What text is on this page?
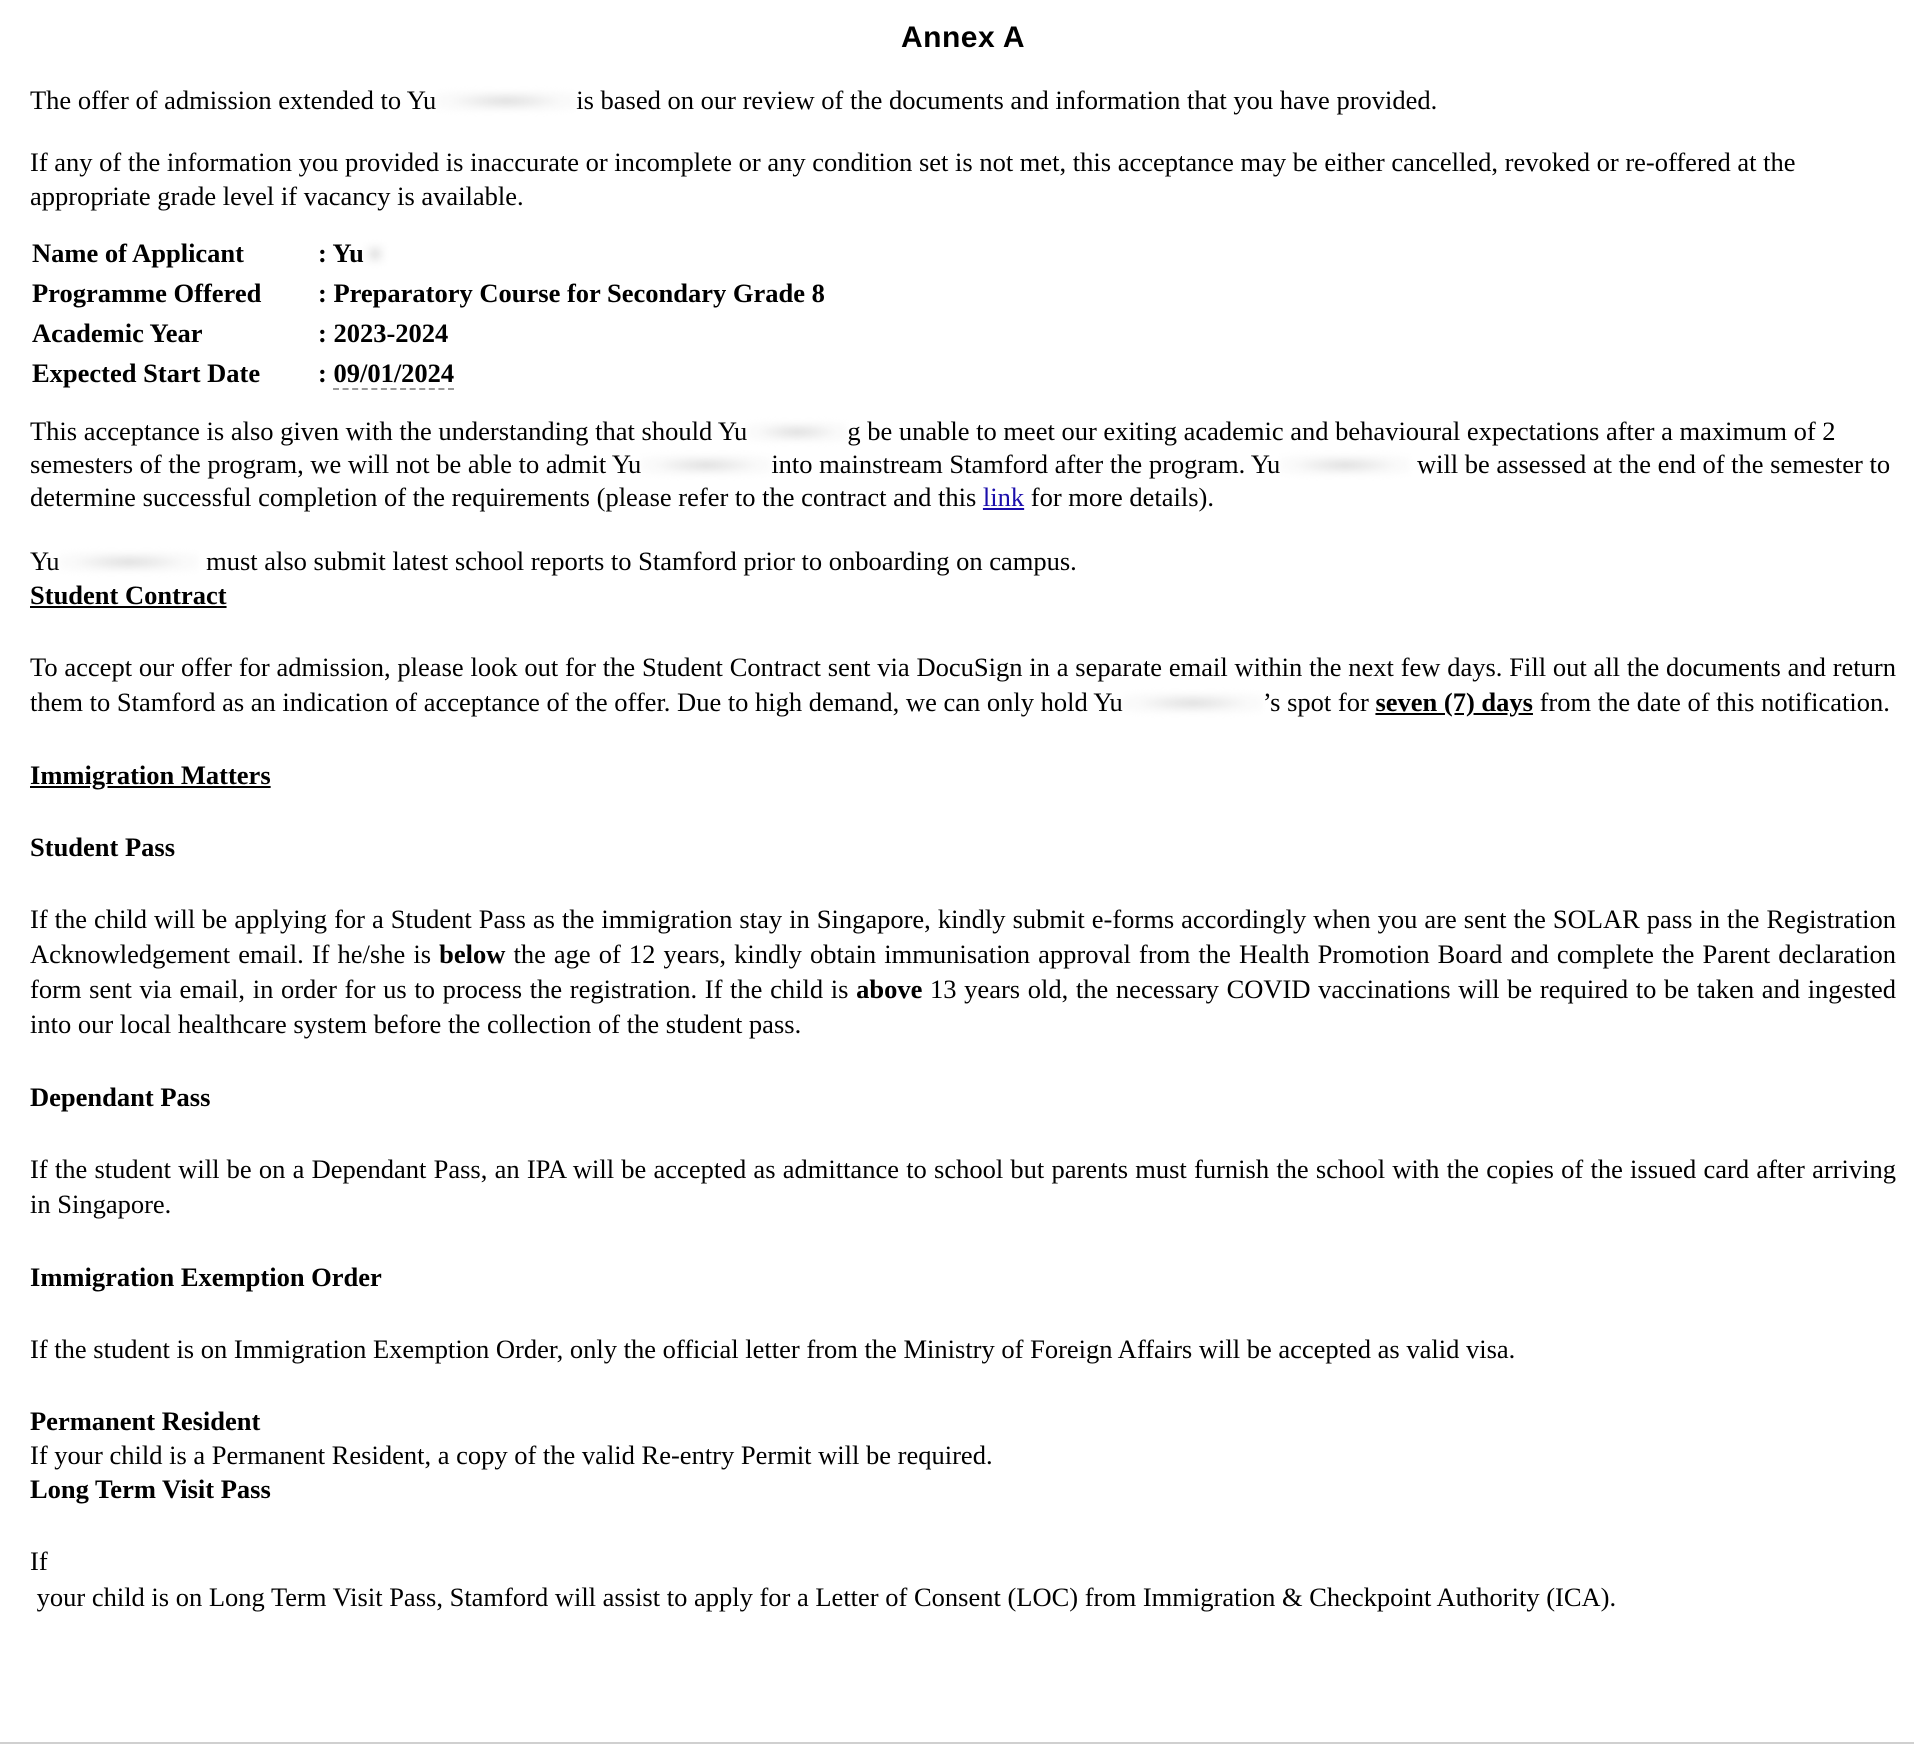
Annex A

The offer of admission extended to Yu	is based on our review of the documents and information that you have provided.

If any of the information you provided is inaccurate or incomplete or any condition set is not met, this acceptance may be either cancelled, revoked or re-offered at the appropriate grade level if vacancy is available.

Name of Applicant	: Yu
Programme Offered	: Preparatory Course for Secondary Grade 8
Academic Year	: 2023-2024
Expected Start Date	: 09/01/2024

This acceptance is also given with the understanding that should Yu	g be unable to meet our exiting academic and behavioural expectations after a maximum of 2 semesters of the program, we will not be able to admit Yu	into mainstream Stamford after the program. Yu	will be assessed at the end of the semester to determine successful completion of the requirements (please refer to the contract and this link for more details).

Yu	must also submit latest school reports to Stamford prior to onboarding on campus.

Student Contract

To accept our offer for admission, please look out for the Student Contract sent via DocuSign in a separate email within the next few days. Fill out all the documents and return them to Stamford as an indication of acceptance of the offer. Due to high demand, we can only hold Yu	’s spot for seven (7) days from the date of this notification.

Immigration Matters

Student Pass

If the child will be applying for a Student Pass as the immigration stay in Singapore, kindly submit e-forms accordingly when you are sent the SOLAR pass in the Registration Acknowledgement email. If he/she is below the age of 12 years, kindly obtain immunisation approval from the Health Promotion Board and complete the Parent declaration form sent via email, in order for us to process the registration. If the child is above 13 years old, the necessary COVID vaccinations will be required to be taken and ingested into our local healthcare system before the collection of the student pass.

Dependant Pass

If the student will be on a Dependant Pass, an IPA will be accepted as admittance to school but parents must furnish the school with the copies of the issued card after arriving in Singapore.

Immigration Exemption Order

If the student is on Immigration Exemption Order, only the official letter from the Ministry of Foreign Affairs will be accepted as valid visa.

Permanent Resident

If your child is a Permanent Resident, a copy of the valid Re-entry Permit will be required.

Long Term Visit Pass

If

your child is on Long Term Visit Pass, Stamford will assist to apply for a Letter of Consent (LOC) from Immigration & Checkpoint Authority (ICA).
